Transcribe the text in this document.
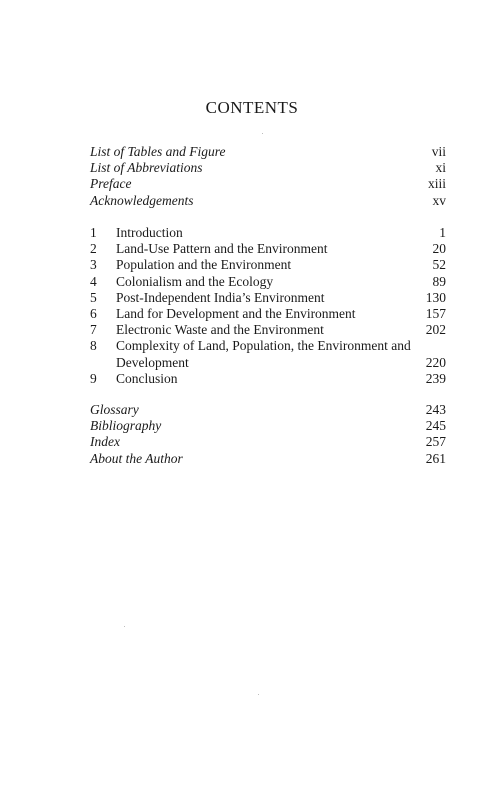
CONTENTS
List of Tables and Figure	vii
List of Abbreviations	xi
Preface	xiii
Acknowledgements	xv
1	Introduction	1
2	Land-Use Pattern and the Environment	20
3	Population and the Environment	52
4	Colonialism and the Ecology	89
5	Post-Independent India’s Environment	130
6	Land for Development and the Environment	157
7	Electronic Waste and the Environment	202
8	Complexity of Land, Population, the Environment and Development	220
9	Conclusion	239
Glossary	243
Bibliography	245
Index	257
About the Author	261
